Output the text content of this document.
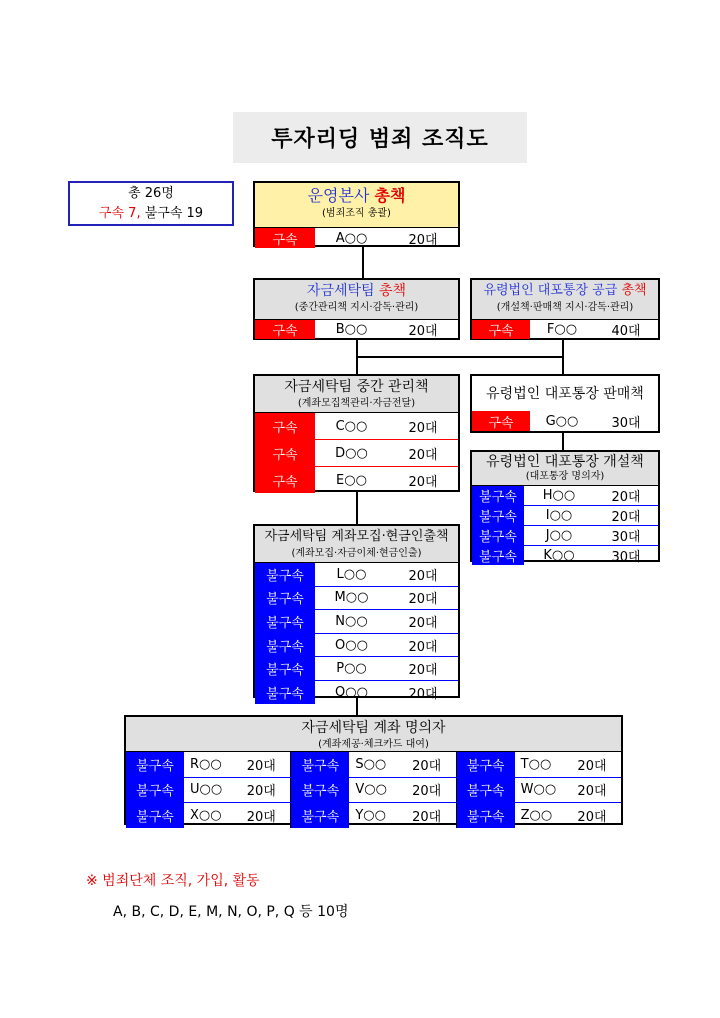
투자리딩 범죄 조직도
총 26명
구속 7, 불구속 19
운영본사 총책
(범죄조직 총괄)
구속	A○○	20대
자금세탁팀 총책
(중간관리책 지시·감독·관리)
구속	B○○	20대
유령법인 대포통장 공급 총책
(개설책·판매책 지시·감독·관리)
구속	F○○	40대
자금세탁팀 중간 관리책
(계좌모집책관리·자금전달)
구속	C○○	20대
구속	D○○	20대
구속	E○○	20대
유령법인 대포통장 판매책
구속	G○○	30대
유령법인 대포통장 개설책
(대포통장 명의자)
불구속	H○○	20대
불구속	I○○	20대
불구속	J○○	30대
불구속	K○○	30대
자금세탁팀 계좌모집·현금인출책
(계좌모집·자금이체·현금인출)
불구속	L○○	20대
불구속	M○○	20대
불구속	N○○	20대
불구속	O○○	20대
불구속	P○○	20대
불구속	Q○○	20대
자금세탁팀 계좌 명의자
(계좌제공·체크카드 대여)
불구속	R○○	20대	불구속	S○○	20대	불구속	T○○	20대
불구속	U○○	20대	불구속	V○○	20대	불구속	W○○	20대
불구속	X○○	20대	불구속	Y○○	20대	불구속	Z○○	20대
※ 범죄단체 조직, 가입, 활동
A, B, C, D, E, M, N, O, P, Q 등 10명
